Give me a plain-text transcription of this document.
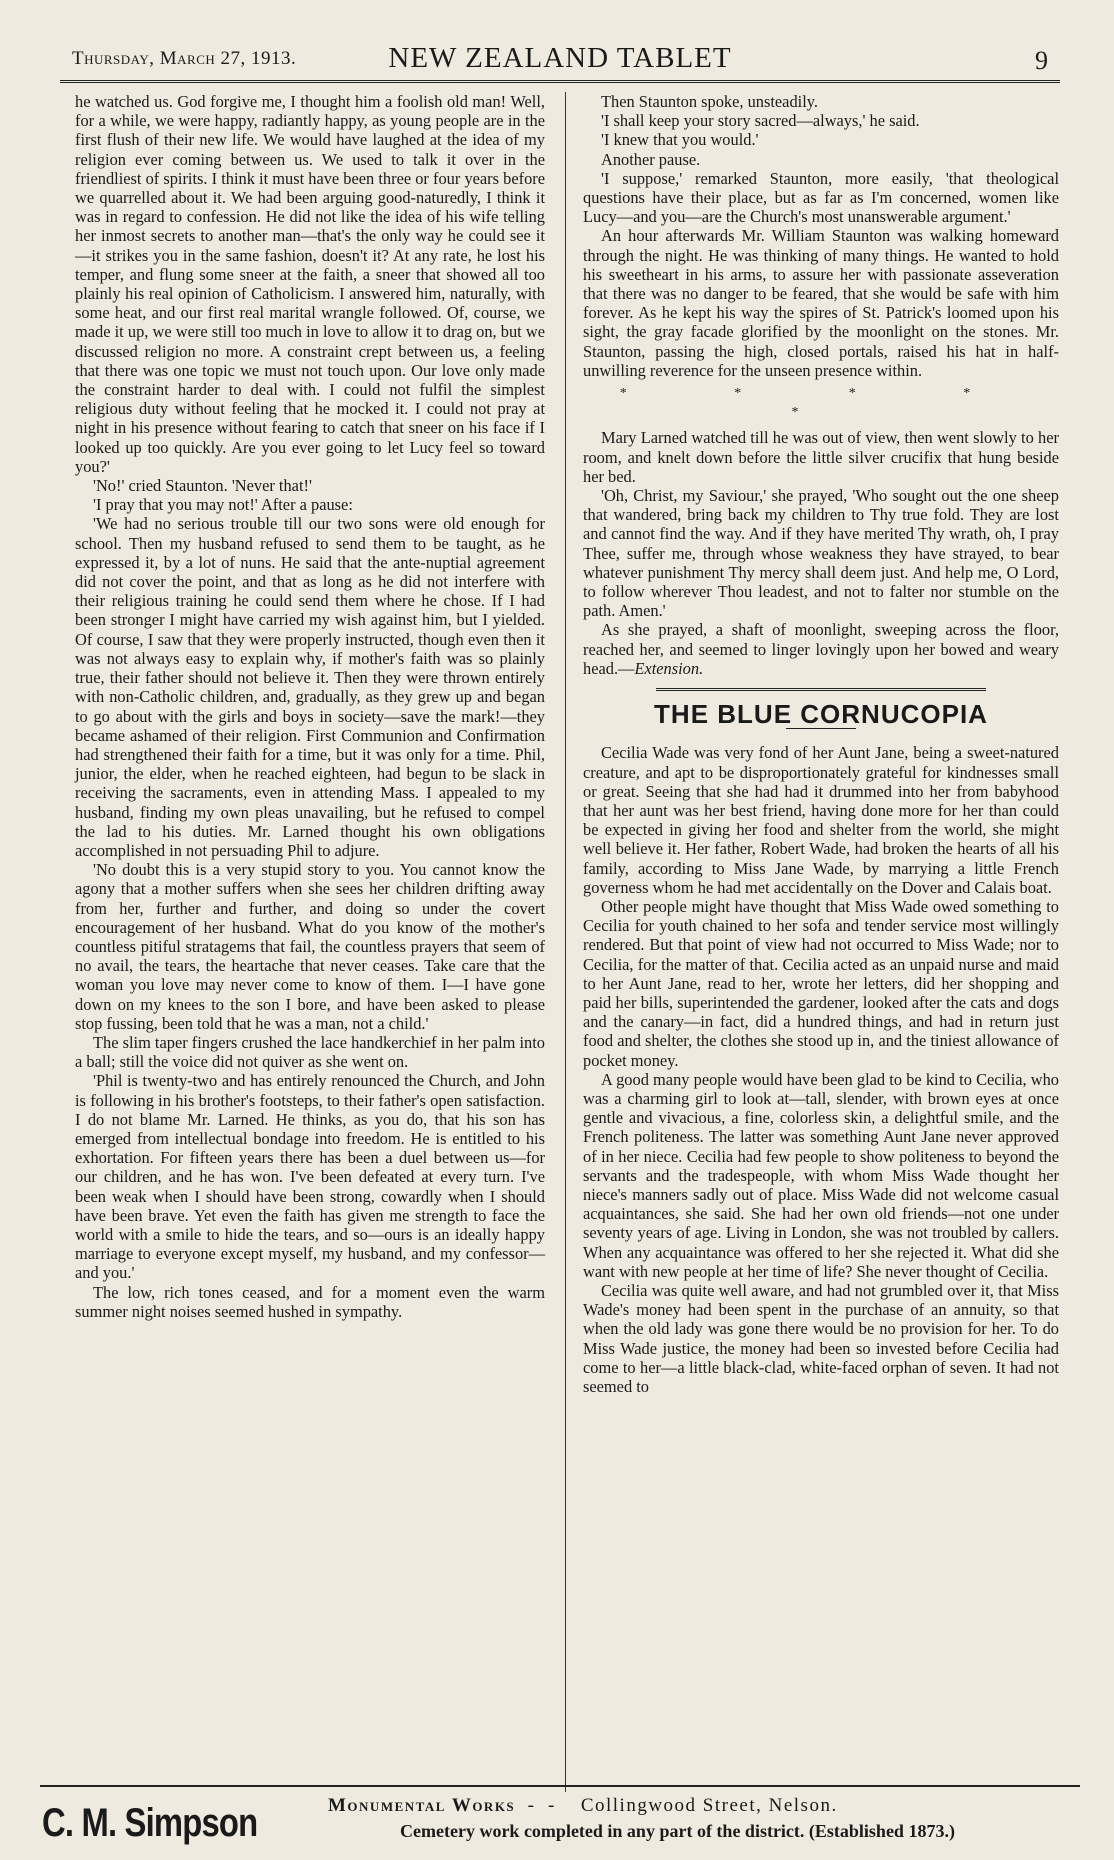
Thursday, March 27, 1913.	NEW ZEALAND TABLET	9

he watched us. God forgive me, I thought him a foolish old man! Well, for a while, we were happy, radiantly happy, as young people are in the first flush of their new life. We would have laughed at the idea of my religion ever coming between us. We used to talk it over in the friendliest of spirits. I think it must have been three or four years before we quarrelled about it. We had been arguing good-naturedly, I think it was in regard to confession. He did not like the idea of his wife telling her inmost secrets to another man—that's the only way he could see it—it strikes you in the same fashion, doesn't it? At any rate, he lost his temper, and flung some sneer at the faith, a sneer that showed all too plainly his real opinion of Catholicism. I answered him, naturally, with some heat, and our first real marital wrangle followed. Of, course, we made it up, we were still too much in love to allow it to drag on, but we discussed religion no more. A constraint crept between us, a feeling that there was one topic we must not touch upon. Our love only made the constraint harder to deal with. I could not fulfil the simplest religious duty without feeling that he mocked it. I could not pray at night in his presence without fearing to catch that sneer on his face if I looked up too quickly. Are you ever going to let Lucy feel so toward you?'

'No!' cried Staunton. 'Never that!'

'I pray that you may not!' After a pause:

'We had no serious trouble till our two sons were old enough for school. Then my husband refused to send them to be taught, as he expressed it, by a lot of nuns. He said that the ante-nuptial agreement did not cover the point, and that as long as he did not interfere with their religious training he could send them where he chose. If I had been stronger I might have carried my wish against him, but I yielded. Of course, I saw that they were properly instructed, though even then it was not always easy to explain why, if mother's faith was so plainly true, their father should not believe it. Then they were thrown entirely with non-Catholic children, and, gradually, as they grew up and began to go about with the girls and boys in society—save the mark!—they became ashamed of their religion. First Communion and Confirmation had strengthened their faith for a time, but it was only for a time. Phil, junior, the elder, when he reached eighteen, had begun to be slack in receiving the sacraments, even in attending Mass. I appealed to my husband, finding my own pleas unavailing, but he refused to compel the lad to his duties. Mr. Larned thought his own obligations accomplished in not persuading Phil to adjure.

'No doubt this is a very stupid story to you. You cannot know the agony that a mother suffers when she sees her children drifting away from her, further and further, and doing so under the covert encouragement of her husband. What do you know of the mother's countless pitiful stratagems that fail, the countless prayers that seem of no avail, the tears, the heartache that never ceases. Take care that the woman you love may never come to know of them. I—I have gone down on my knees to the son I bore, and have been asked to please stop fussing, been told that he was a man, not a child.'

The slim taper fingers crushed the lace handkerchief in her palm into a ball; still the voice did not quiver as she went on.

'Phil is twenty-two and has entirely renounced the Church, and John is following in his brother's footsteps, to their father's open satisfaction. I do not blame Mr. Larned. He thinks, as you do, that his son has emerged from intellectual bondage into freedom. He is entitled to his exhortation. For fifteen years there has been a duel between us—for our children, and he has won. I've been defeated at every turn. I've been weak when I should have been strong, cowardly when I should have been brave. Yet even the faith has given me strength to face the world with a smile to hide the tears, and so—ours is an ideally happy marriage to everyone except myself, my husband, and my confessor—and you.'

The low, rich tones ceased, and for a moment even the warm summer night noises seemed hushed in sympathy.

Then Staunton spoke, unsteadily.

'I shall keep your story sacred—always,' he said.

'I knew that you would.'

Another pause.

'I suppose,' remarked Staunton, more easily, 'that theological questions have their place, but as far as I'm concerned, women like Lucy—and you—are the Church's most unanswerable argument.'

An hour afterwards Mr. William Staunton was walking homeward through the night. He was thinking of many things. He wanted to hold his sweetheart in his arms, to assure her with passionate asseveration that there was no danger to be feared, that she would be safe with him forever. As he kept his way the spires of St. Patrick's loomed upon his sight, the gray facade glorified by the moonlight on the stones. Mr. Staunton, passing the high, closed portals, raised his hat in half-unwilling reverence for the unseen presence within.

* * * * *

Mary Larned watched till he was out of view, then went slowly to her room, and knelt down before the little silver crucifix that hung beside her bed.

'Oh, Christ, my Saviour,' she prayed, 'Who sought out the one sheep that wandered, bring back my children to Thy true fold. They are lost and cannot find the way. And if they have merited Thy wrath, oh, I pray Thee, suffer me, through whose weakness they have strayed, to bear whatever punishment Thy mercy shall deem just. And help me, O Lord, to follow wherever Thou leadest, and not to falter nor stumble on the path. Amen.'

As she prayed, a shaft of moonlight, sweeping across the floor, reached her, and seemed to linger lovingly upon her bowed and weary head.—Extension.

THE BLUE CORNUCOPIA

Cecilia Wade was very fond of her Aunt Jane, being a sweet-natured creature, and apt to be disproportionately grateful for kindnesses small or great. Seeing that she had had it drummed into her from babyhood that her aunt was her best friend, having done more for her than could be expected in giving her food and shelter from the world, she might well believe it. Her father, Robert Wade, had broken the hearts of all his family, according to Miss Jane Wade, by marrying a little French governess whom he had met accidentally on the Dover and Calais boat.

Other people might have thought that Miss Wade owed something to Cecilia for youth chained to her sofa and tender service most willingly rendered. But that point of view had not occurred to Miss Wade; nor to Cecilia, for the matter of that. Cecilia acted as an unpaid nurse and maid to her Aunt Jane, read to her, wrote her letters, did her shopping and paid her bills, superintended the gardener, looked after the cats and dogs and the canary—in fact, did a hundred things, and had in return just food and shelter, the clothes she stood up in, and the tiniest allowance of pocket money.

A good many people would have been glad to be kind to Cecilia, who was a charming girl to look at—tall, slender, with brown eyes at once gentle and vivacious, a fine, colorless skin, a delightful smile, and the French politeness. The latter was something Aunt Jane never approved of in her niece. Cecilia had few people to show politeness to beyond the servants and the tradespeople, with whom Miss Wade thought her niece's manners sadly out of place. Miss Wade did not welcome casual acquaintances, she said. She had her own old friends—not one under seventy years of age. Living in London, she was not troubled by callers. When any acquaintance was offered to her she rejected it. What did she want with new people at her time of life? She never thought of Cecilia.

Cecilia was quite well aware, and had not grumbled over it, that Miss Wade's money had been spent in the purchase of an annuity, so that when the old lady was gone there would be no provision for her. To do Miss Wade justice, the money had been so invested before Cecilia had come to her—a little black-clad, white-faced orphan of seven. It had not seemed to

C. M. Simpson	Monumental Works  -  -    Collingwood Street, Nelson.
Cemetery work completed in any part of the district. (Established 1873.)
